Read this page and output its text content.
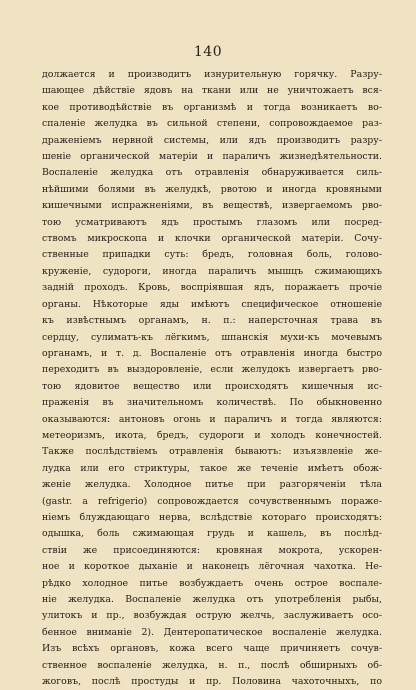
140
должается и производитъ изнурительную горячку. Разру-
шающее дѣйствіе ядовъ на ткани или не уничтожаетъ вся-
кое противодѣйствіе въ организмѣ и тогда возникаетъ во-
спаленіе желудка въ сильной степени, сопровождаемое раз-
драженіемъ нервной системы, или ядъ производитъ разру-
шеніе органической матеріи и параличъ жизнедѣятельности.
Воспаленіе желудка отъ отравленія обнаруживается силь-
нѣйшими болями въ желудкѣ, рвотою и иногда кровяными
кишечными испражненіями, въ веществѣ, извергаемомъ рво-
тою усматриваютъ ядъ простымъ глазомъ или посред-
ствомъ микроскопа и клочки органической матеріи. Сочу-
ственные припадки суть: бредъ, головная боль, голово-
круженіе, судороги, иногда параличъ мышцъ сжимающихъ
задній проходъ. Кровь, воспріявшая ядъ, поражаетъ прочіе
органы. Нѣкоторые яды имѣютъ специфическое отношеніе
къ извѣстнымъ органамъ, н. п.: наперсточная трава въ
сердцу, сулиматъ-къ лёгкимъ, шпанскія мухи-къ мочевымъ
органамъ, и т. д. Воспаленіе отъ отравленія иногда быстро
переходитъ въ выздоровленіе, если желудокъ извергаетъ рво-
тою ядовитое вещество или происходятъ кишечныя ис-
праженія въ значительномъ количествѣ. По обыкновенно
оказываются: антоновъ огонь и параличъ и тогда являются:
метеоризмъ, икота, бредъ, судороги и холодъ конечностей.
Также послѣдствіемъ отравленія бываютъ: изъязвленіе же-
лудка или его стриктуры, такое же теченіе имѣетъ обож-
женіе желудка. Холодное питье при разгоряченіи тѣла
(gastr. a refrigerio) сопровождается сочувственнымъ пораже-
ніемъ блуждающаго нерва, вслѣдствіе котораго происходятъ:
одышка, боль сжимающая грудь и кашель, въ послѣд-
ствіи же присоединяются: кровяная мокрота, ускорен-
ное и короткое дыханіе и наконецъ лёгочная чахотка. Не-
рѣдко холодное питье возбуждаетъ очень острое воспале-
ніе желудка. Воспаленіе желудка отъ употребленія рыбы,
улитокъ и пр., возбуждая острую желчь, заслуживаетъ осо-
бенное вниманіе 2). Дентеропатическое воспаленіе желудка.
Изъ всѣхъ органовъ, кожа всего чаще причиняетъ сочув-
ственное воспаленіе желудка, н. п., послѣ обширныхъ об-
жоговъ, послѣ простуды и пр. Половина чахоточныхъ, по
